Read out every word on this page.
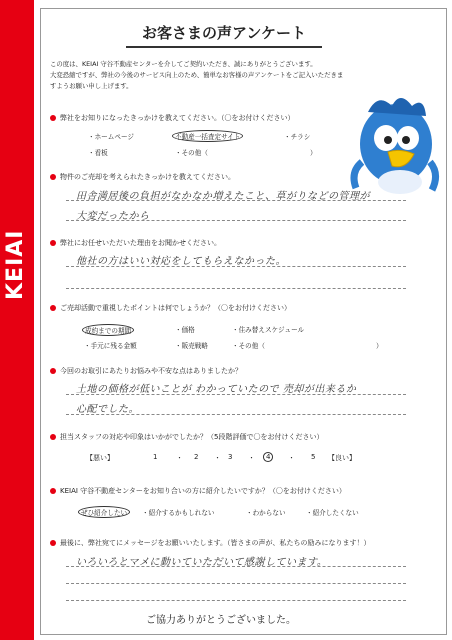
KEIAI
お客さまの声アンケート
この度は、KEIAI 守谷不動産センターを介してご契約いただき、誠にありがとうございます。
大変恐縮ですが、弊社の今後のサービス向上のため、簡単なお客様の声アンケートをご記入いただきま
すようお願い申し上げます。
弊社をお知りになったきっかけを教えてください。（〇をお付けください）
・ホームページ	不動産一括査定サイト	・チラシ
・看板	・その他（	）
物件のご売却を考えられたきっかけを教えてください。
田舎満居後の負担がなかなか増えたこと、草がりなどの管理が
大変だったから
弊社にお任せいただいた理由をお聞かせください。
他社の方はいい対応をしてもらえなかった。
ご売却活動で重視したポイントは何でしょうか？（〇をお付けください）
成約までの期間	・価格	・住み替えスケジュール
・手元に残る金額	・販売戦略	・その他（	）
今回のお取引にあたりお悩みや不安な点はありましたか？
土地の価格が低いことが わかっていたので 売却が出来るか
心配でした。
担当スタッフの対応や印象はいかがでしたか？（5段階評価で〇をお付けください）
【悪い】	1	・ 2 ・ 3 ・	4	・ 5 【良い】
KEIAI 守谷不動産センターをお知り合いの方に紹介したいですか？（〇をお付けください）
ぜひ紹介したい	・紹介するかもしれない	・わからない	・紹介したくない
最後に、弊社宛てにメッセージをお願いいたします。（皆さまの声が、私たちの励みになります！）
いろいろとマメに動いていただいて感謝しています。
ご協力ありがとうございました。
